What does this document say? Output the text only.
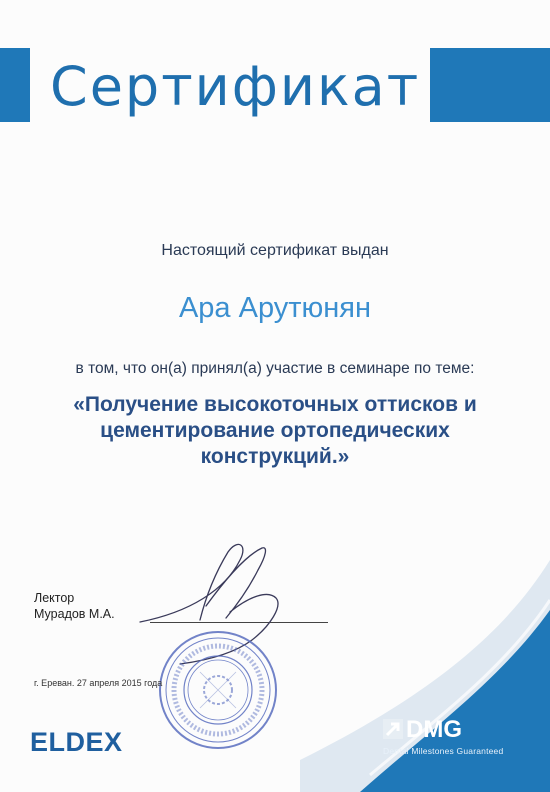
Сертификат
Настоящий сертификат выдан
Ара Арутюнян
в том, что он(а) принял(а) участие в семинаре по теме:
«Получение высокоточных оттисков и
цементирование ортопедических
конструкций.»
Лектор
Мурадов М.А.
г. Ереван. 27 апреля 2015 года
ELDEX	DMG
Dental Milestones Guaranteed
